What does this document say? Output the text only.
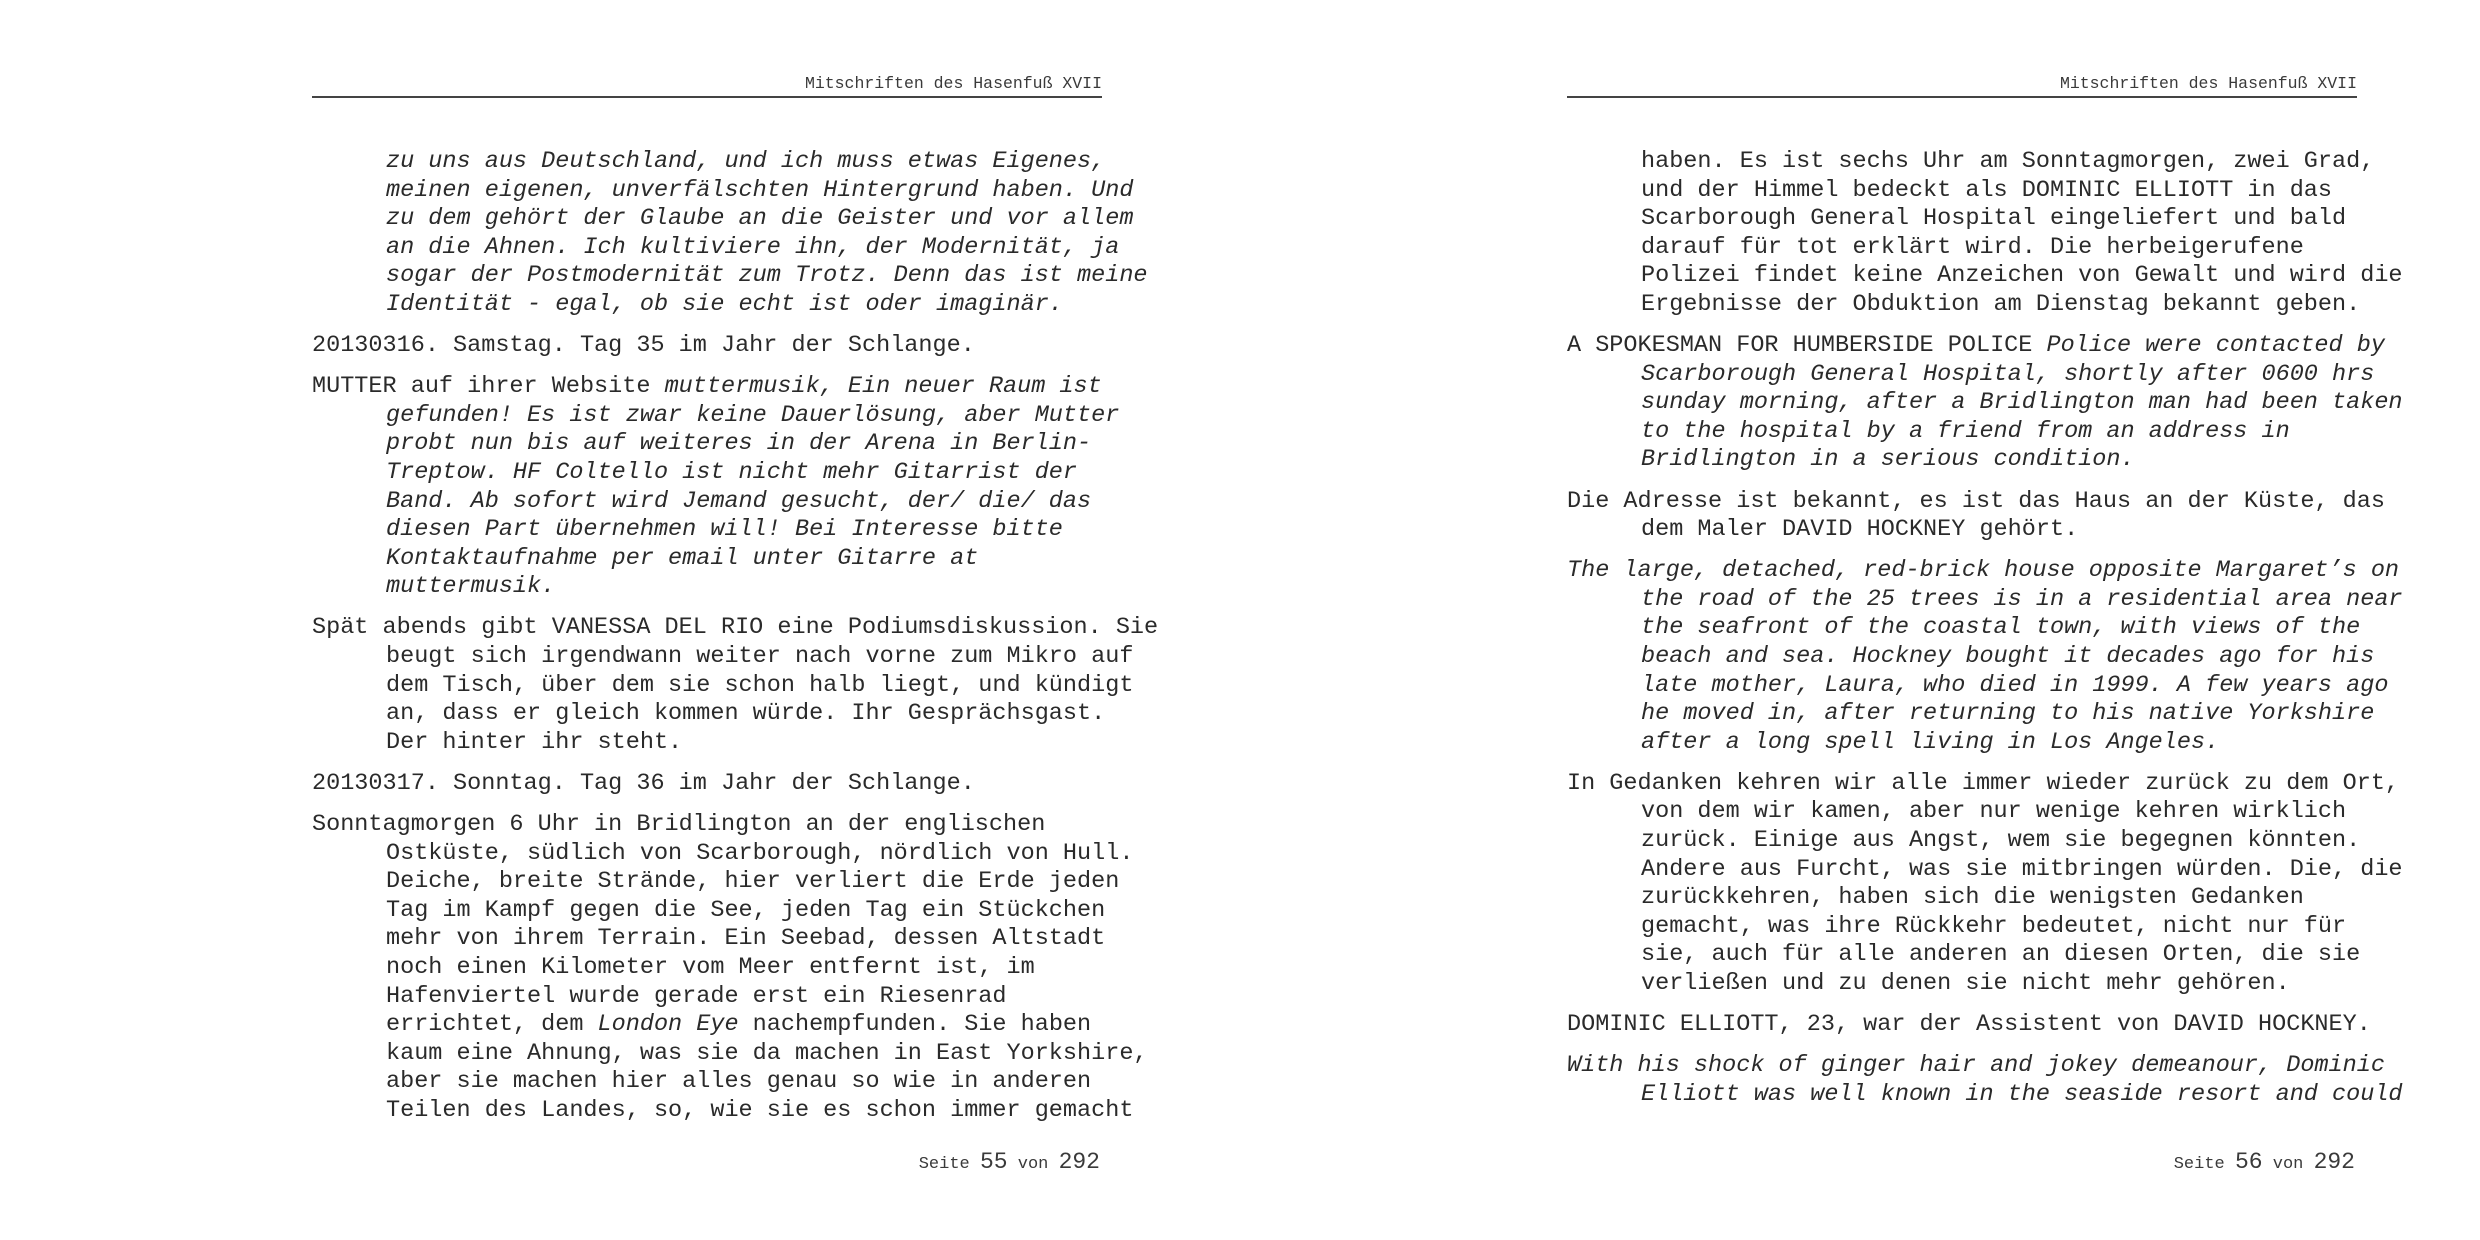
Mitschriften des Hasenfuß XVII
zu uns aus Deutschland, und ich muss etwas Eigenes,
meinen eigenen, unverfälschten Hintergrund haben. Und
zu dem gehört der Glaube an die Geister und vor allem
an die Ahnen. Ich kultiviere ihn, der Modernität, ja
sogar der Postmodernität zum Trotz. Denn das ist meine
Identität - egal, ob sie echt ist oder imaginär.
20130316. Samstag. Tag 35 im Jahr der Schlange.
MUTTER auf ihrer Website muttermusik, Ein neuer Raum ist
gefunden! Es ist zwar keine Dauerlösung, aber Mutter
probt nun bis auf weiteres in der Arena in Berlin-
Treptow. HF Coltello ist nicht mehr Gitarrist der
Band. Ab sofort wird Jemand gesucht, der/ die/ das
diesen Part übernehmen will! Bei Interesse bitte
Kontaktaufnahme per email unter Gitarre at
muttermusik.
Spät abends gibt VANESSA DEL RIO eine Podiumsdiskussion. Sie
beugt sich irgendwann weiter nach vorne zum Mikro auf
dem Tisch, über dem sie schon halb liegt, und kündigt
an, dass er gleich kommen würde. Ihr Gesprächsgast.
Der hinter ihr steht.
20130317. Sonntag. Tag 36 im Jahr der Schlange.
Sonntagmorgen 6 Uhr in Bridlington an der englischen
Ostküste, südlich von Scarborough, nördlich von Hull.
Deiche, breite Strände, hier verliert die Erde jeden
Tag im Kampf gegen die See, jeden Tag ein Stückchen
mehr von ihrem Terrain. Ein Seebad, dessen Altstadt
noch einen Kilometer vom Meer entfernt ist, im
Hafenviertel wurde gerade erst ein Riesenrad
errichtet, dem London Eye nachempfunden. Sie haben
kaum eine Ahnung, was sie da machen in East Yorkshire,
aber sie machen hier alles genau so wie in anderen
Teilen des Landes, so, wie sie es schon immer gemacht
Seite 55 von 292
Mitschriften des Hasenfuß XVII
haben. Es ist sechs Uhr am Sonntagmorgen, zwei Grad,
und der Himmel bedeckt als DOMINIC ELLIOTT in das
Scarborough General Hospital eingeliefert und bald
darauf für tot erklärt wird. Die herbeigerufene
Polizei findet keine Anzeichen von Gewalt und wird die
Ergebnisse der Obduktion am Dienstag bekannt geben.
A SPOKESMAN FOR HUMBERSIDE POLICE Police were contacted by
Scarborough General Hospital, shortly after 0600 hrs
sunday morning, after a Bridlington man had been taken
to the hospital by a friend from an address in
Bridlington in a serious condition.
Die Adresse ist bekannt, es ist das Haus an der Küste, das
dem Maler DAVID HOCKNEY gehört.
The large, detached, red-brick house opposite Margaret’s on
the road of the 25 trees is in a residential area near
the seafront of the coastal town, with views of the
beach and sea. Hockney bought it decades ago for his
late mother, Laura, who died in 1999. A few years ago
he moved in, after returning to his native Yorkshire
after a long spell living in Los Angeles.
In Gedanken kehren wir alle immer wieder zurück zu dem Ort,
von dem wir kamen, aber nur wenige kehren wirklich
zurück. Einige aus Angst, wem sie begegnen könnten.
Andere aus Furcht, was sie mitbringen würden. Die, die
zurückkehren, haben sich die wenigsten Gedanken
gemacht, was ihre Rückkehr bedeutet, nicht nur für
sie, auch für alle anderen an diesen Orten, die sie
verließen und zu denen sie nicht mehr gehören.
DOMINIC ELLIOTT, 23, war der Assistent von DAVID HOCKNEY.
With his shock of ginger hair and jokey demeanour, Dominic
Elliott was well known in the seaside resort and could
Seite 56 von 292
